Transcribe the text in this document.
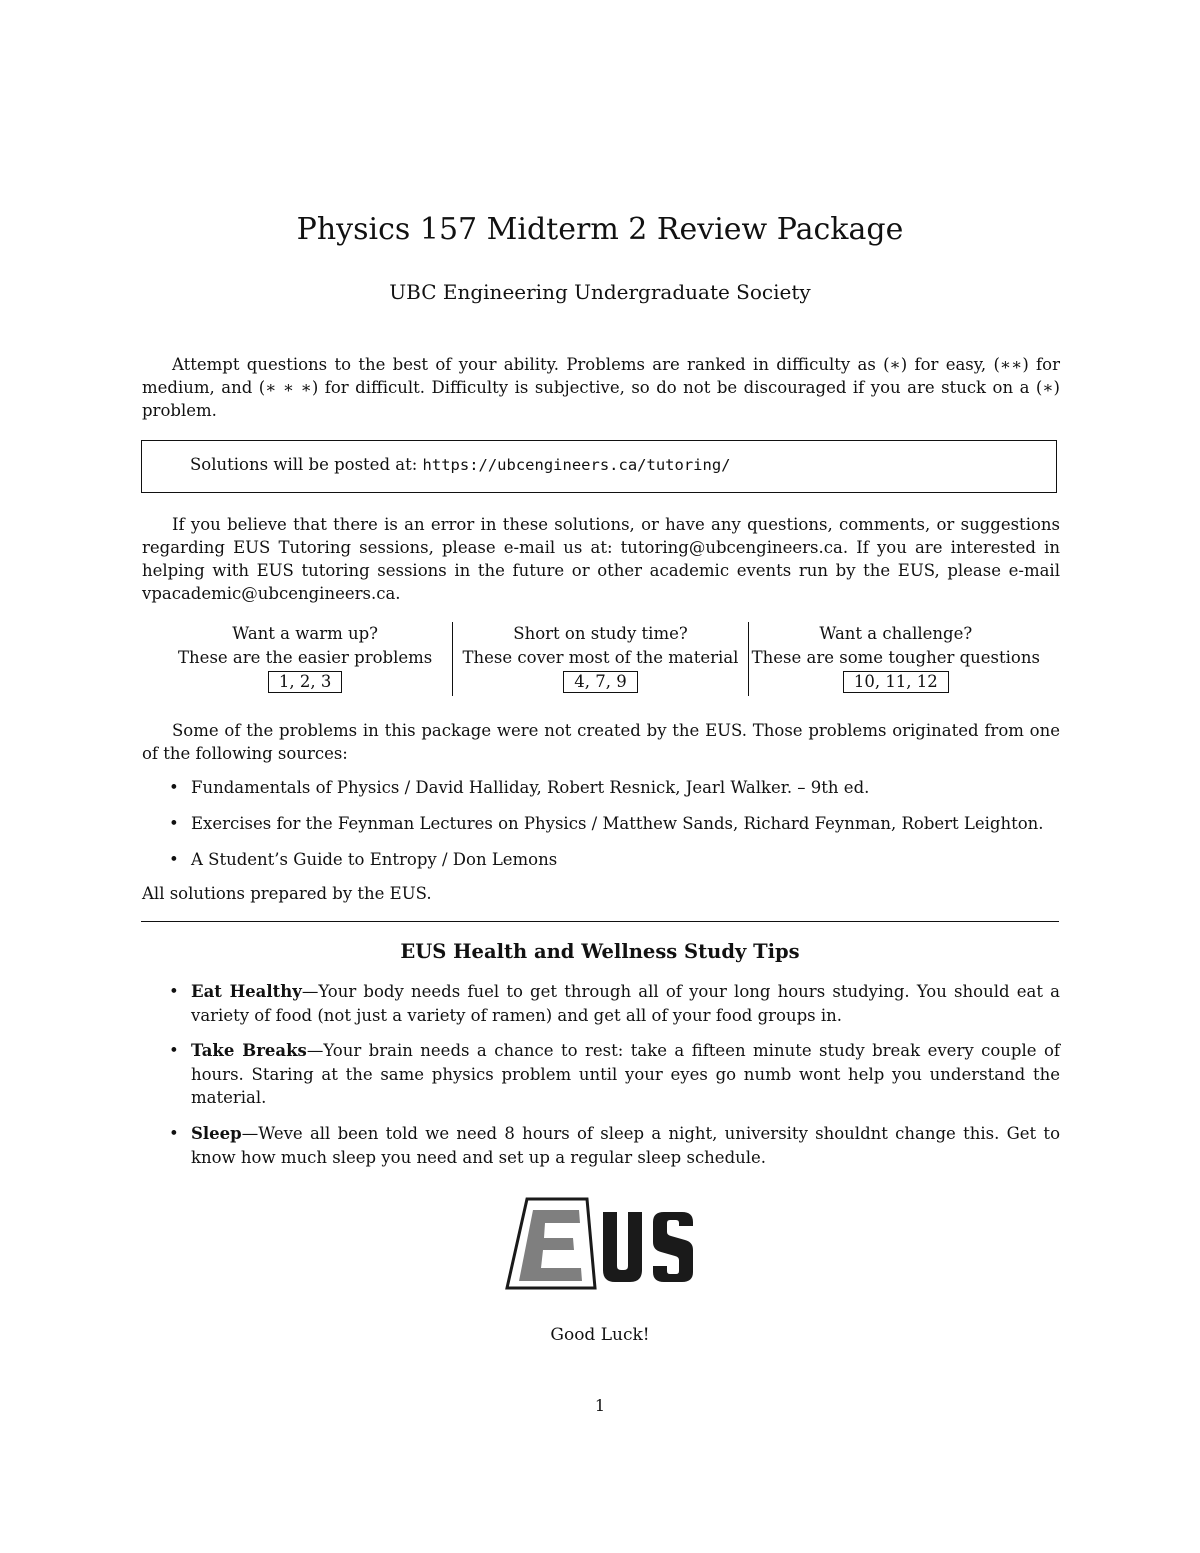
Physics 157 Midterm 2 Review Package
UBC Engineering Undergraduate Society

Attempt questions to the best of your ability. Problems are ranked in difficulty as (∗) for easy, (∗∗) for medium, and (∗ ∗ ∗) for difficult. Difficulty is subjective, so do not be discouraged if you are stuck on a (∗) problem.

Solutions will be posted at: https://ubcengineers.ca/tutoring/

If you believe that there is an error in these solutions, or have any questions, comments, or suggestions regarding EUS Tutoring sessions, please e-mail us at: tutoring@ubcengineers.ca. If you are interested in helping with EUS tutoring sessions in the future or other academic events run by the EUS, please e-mail vpacademic@ubcengineers.ca.

Want a warm up?
These are the easier problems
1, 2, 3
Short on study time?
These cover most of the material
4, 7, 9
Want a challenge?
These are some tougher questions
10, 11, 12

Some of the problems in this package were not created by the EUS. Those problems originated from one of the following sources:

• Fundamentals of Physics / David Halliday, Robert Resnick, Jearl Walker. – 9th ed.
• Exercises for the Feynman Lectures on Physics / Matthew Sands, Richard Feynman, Robert Leighton.
• A Student’s Guide to Entropy / Don Lemons

All solutions prepared by the EUS.

EUS Health and Wellness Study Tips
• Eat Healthy—Your body needs fuel to get through all of your long hours studying. You should eat a variety of food (not just a variety of ramen) and get all of your food groups in.
• Take Breaks—Your brain needs a chance to rest: take a fifteen minute study break every couple of hours. Staring at the same physics problem until your eyes go numb wont help you understand the material.
• Sleep—Weve all been told we need 8 hours of sleep a night, university shouldnt change this. Get to know how much sleep you need and set up a regular sleep schedule.
Good Luck!
1
